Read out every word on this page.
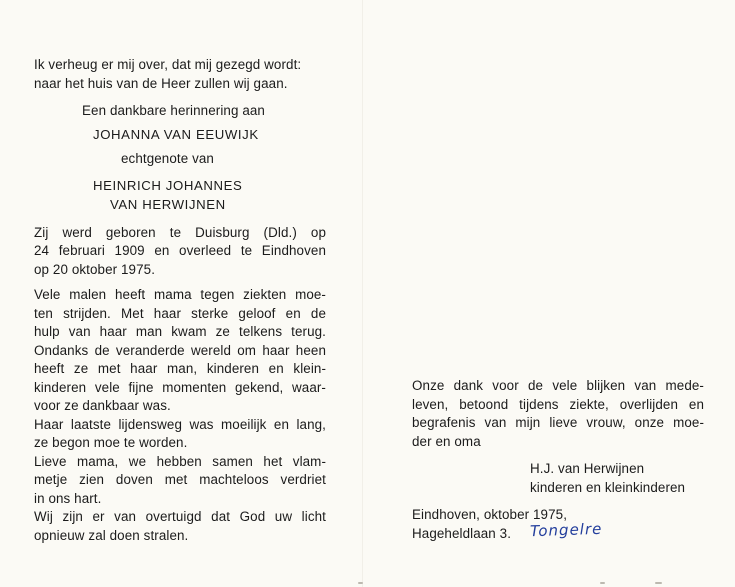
Ik verheug er mij over, dat mij gezegd wordt:
naar het huis van de Heer zullen wij gaan.
Een dankbare herinnering aan
JOHANNA VAN EEUWIJK
echtgenote van
HEINRICH JOHANNES
VAN HERWIJNEN
Zij werd geboren te Duisburg (Dld.) op
24 februari 1909 en overleed te Eindhoven
op 20 oktober 1975.
Vele malen heeft mama tegen ziekten moe-
ten strijden. Met haar sterke geloof en de
hulp van haar man kwam ze telkens terug.
Ondanks de veranderde wereld om haar heen
heeft ze met haar man, kinderen en klein-
kinderen vele fijne momenten gekend, waar-
voor ze dankbaar was.
Haar laatste lijdensweg was moeilijk en lang,
ze begon moe te worden.
Lieve mama, we hebben samen het vlam-
metje zien doven met machteloos verdriet
in ons hart.
Wij zijn er van overtuigd dat God uw licht
opnieuw zal doen stralen.
Onze dank voor de vele blijken van mede-
leven, betoond tijdens ziekte, overlijden en
begrafenis van mijn lieve vrouw, onze moe-
der en oma
H.J. van Herwijnen
kinderen en kleinkinderen
Eindhoven, oktober 1975,
Hageheldlaan 3. Tongelre
